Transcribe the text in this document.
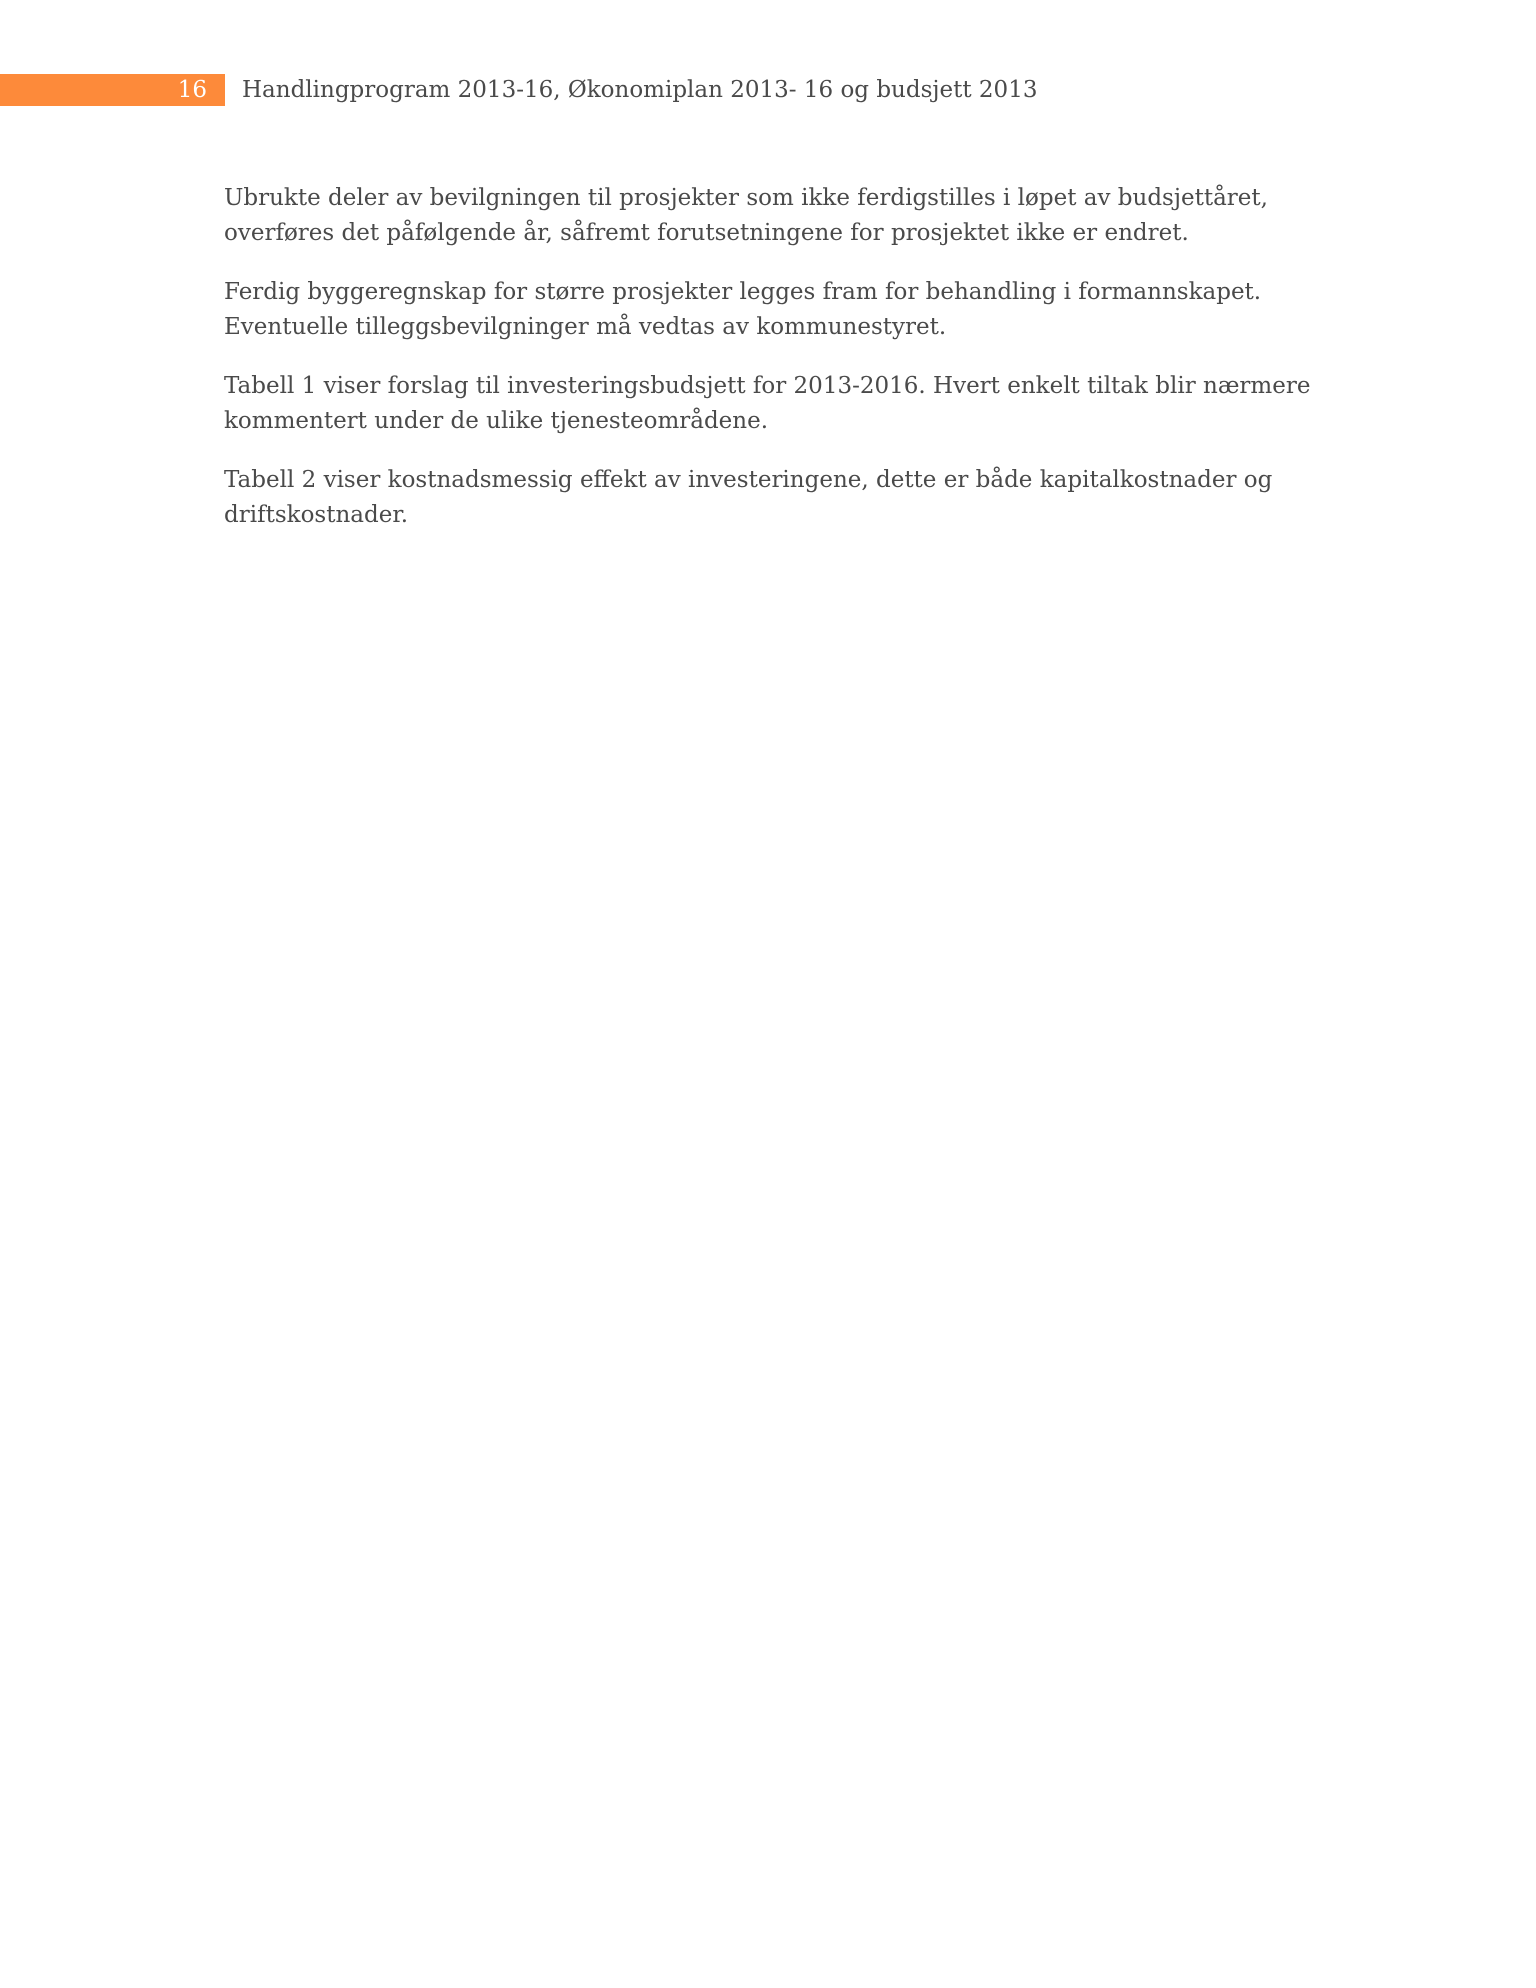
16 Handlingprogram 2013-16, Økonomiplan 2013- 16 og budsjett 2013

Ubrukte deler av bevilgningen til prosjekter som ikke ferdigstilles i løpet av budsjettåret,
overføres det påfølgende år, såfremt forutsetningene for prosjektet ikke er endret.

Ferdig byggeregnskap for større prosjekter legges fram for behandling i formannskapet.
Eventuelle tilleggsbevilgninger må vedtas av kommunestyret.

Tabell 1 viser forslag til investeringsbudsjett for 2013-2016. Hvert enkelt tiltak blir nærmere
kommentert under de ulike tjenesteområdene.

Tabell 2 viser kostnadsmessig effekt av investeringene, dette er både kapitalkostnader og
driftskostnader.
